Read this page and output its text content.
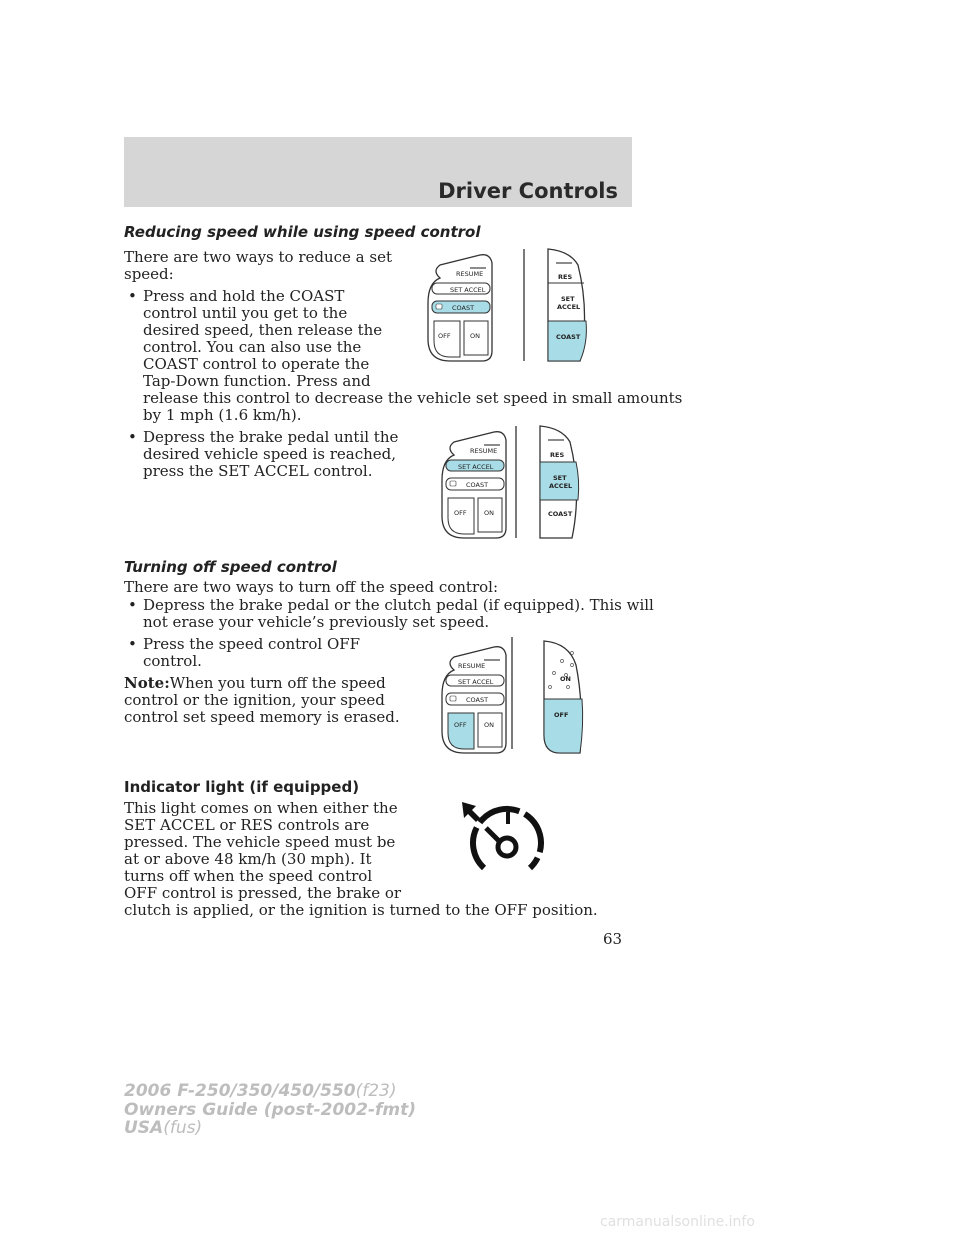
Driver Controls
Reducing speed while using speed control
There are two ways to reduce a set
speed:
• Press and hold the COAST
control until you get to the
desired speed, then release the
control. You can also use the
COAST control to operate the
Tap-Down function. Press and
release this control to decrease the vehicle set speed in small amounts
by 1 mph (1.6 km/h).
• Depress the brake pedal until the
desired vehicle speed is reached,
press the SET ACCEL control.
SET ACCEL
COAST
RESUME
OFF	ON
RES
SET
ACCEL
COAST
SET ACCEL
COAST
RESUME
OFF	ON
RES
SET
ACCEL
COAST
Turning off speed control
There are two ways to turn off the speed control:
• Depress the brake pedal or the clutch pedal (if equipped). This will
not erase your vehicle’s previously set speed.
• Press the speed control OFF
control.
Note:When you turn off the speed
control or the ignition, your speed
control set speed memory is erased.
SET ACCEL
COAST
RESUME
OFF	ON
ON
OFF
Indicator light (if equipped)
This light comes on when either the
SET ACCEL or RES controls are
pressed. The vehicle speed must be
at or above 48 km/h (30 mph). It
turns off when the speed control
OFF control is pressed, the brake or
clutch is applied, or the ignition is turned to the OFF position.
63
2006 F-250/350/450/550(f23)
Owners Guide (post-2002-fmt)
USA(fus)
carmanualsonline.info
